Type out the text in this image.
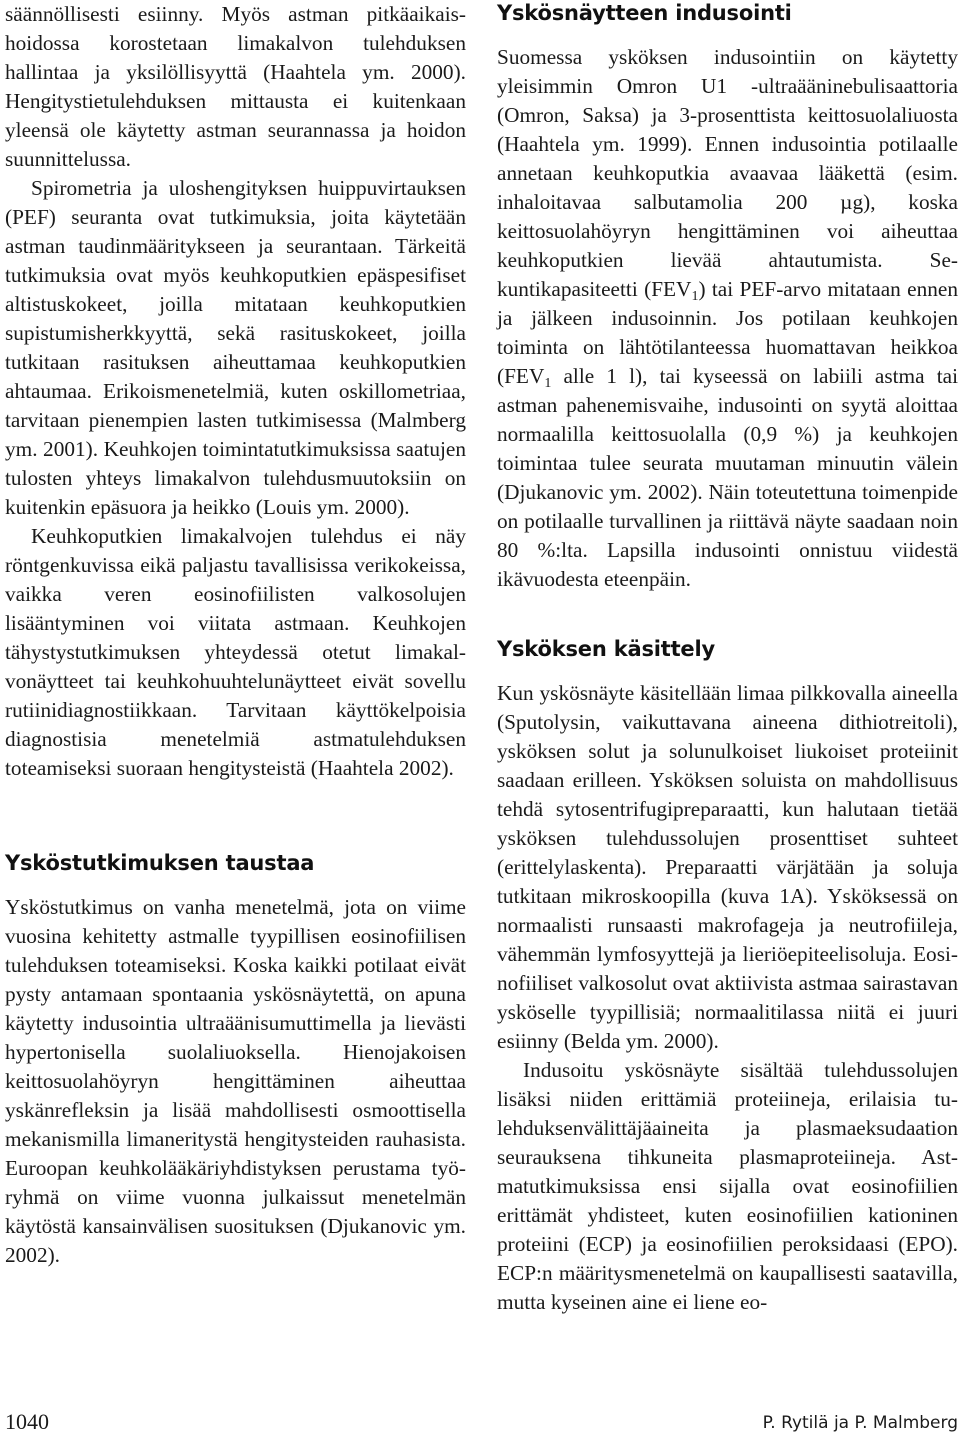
säännöllisesti esiinny. Myös astman pitkäaikaishoidossa korostetaan limakalvon tulehduksen hallintaa ja yksilöllisyyttä (Haahtela ym. 2000). Hengitystietulehduksen mittausta ei kuitenkaan yleensä ole käytetty astman seurannassa ja hoidon suunnittelussa.

Spirometria ja uloshengityksen huippuvirtauksen (PEF) seuranta ovat tutkimuksia, joita käytetään astman taudinmääritykseen ja seurantaan. Tärkeitä tutkimuksia ovat myös keuhkoputkien epäspesifiset altistuskokeet, joilla mitataan keuhkoputkien supistumisherkkyyttä, sekä rasituskokeet, joilla tutkitaan rasituksen aiheuttamaa keuhkoputkien ahtaumaa. Erikoismenetelmiä, kuten oskillometriaa, tarvitaan pienempien lasten tutkimisessa (Malmberg ym. 2001). Keuhkojen toimintatutkimuksissa saatujen tulosten yhteys limakalvon tulehdusmuutoksiin on kuitenkin epäsuora ja heikko (Louis ym. 2000).

Keuhkoputkien limakalvojen tulehdus ei näy röntgenkuvissa eikä paljastu tavallisissa verikokeissa, vaikka veren eosinofiilisten valkosolujen lisääntyminen voi viitata astmaan. Keuhkojen tähystystutkimuksen yhteydessä otetut limakalvonäytteet tai keuhkohuuhtelunäytteet eivät sovellu rutiinidiagnostiikkaan. Tarvitaan käyttökelpoisia diagnostisia menetelmiä astmatulehduksen toteamiseksi suoraan hengitysteistä (Haahtela 2002).

Ysköstutkimuksen taustaa

Ysköstutkimus on vanha menetelmä, jota on viime vuosina kehitetty astmalle tyypillisen eosinofiilisen tulehduksen toteamiseksi. Koska kaikki potilaat eivät pysty antamaan spontaania yskösnäytettä, on apuna käytetty indusointia ultraäänisumuttimella ja lievästi hypertonisella suolaliuoksella. Hienojakoisen keittosuolahöyryn hengittäminen aiheuttaa yskänrefleksin ja lisää mahdollisesti osmoottisella mekanismilla limaneritystä hengitysteiden rauhasista. Euroopan keuhkolääkäriyhdistyksen perustama työryhmä on viime vuonna julkaissut menetelmän käytöstä kansainvälisen suosituksen (Djukanovic ym. 2002).

Yskösnäytteen indusointi

Suomessa ysköksen indusointiin on käytetty yleisimmin Omron U1 -ultraääninebulisaattoria (Omron, Saksa) ja 3-prosenttista keittosuolaliuosta (Haahtela ym. 1999). Ennen indusointia potilaalle annetaan keuhkoputkia avaavaa lääkettä (esim. inhaloitavaa salbutamolia 200 µg), koska keittosuolahöyryn hengittäminen voi aiheuttaa keuhkoputkien lievää ahtautumista. Sekuntikapasiteetti $(FEV_1)$ tai PEF-arvo mitataan ennen ja jälkeen indusoinnin. Jos potilaan keuhkojen toiminta on lähtötilanteessa huomattavan heikkoa ($FEV_1$ alle 1 l), tai kyseessä on labiili astma tai astman pahenemisvaihe, indusointi on syytä aloittaa normaalilla keittosuolalla (0,9 %) ja keuhkojen toimintaa tulee seurata muutaman minuutin välein (Djukanovic ym. 2002). Näin toteutettuna toimenpide on potilaalle turvallinen ja riittävä näyte saadaan noin 80 %:lta. Lapsilla indusointi onnistuu viidestä ikävuodesta eteenpäin.

Ysköksen käsittely

Kun yskösnäyte käsitellään limaa pilkkovalla aineella (Sputolysin, vaikuttavana aineena dithiotreitoli), ysköksen solut ja solunulkoiset liukoiset proteiinit saadaan erilleen. Ysköksen soluista on mahdollisuus tehdä sytosentrifugipreparaatti, kun halutaan tietää ysköksen tulehdussolujen prosenttiset suhteet (erittelylaskenta). Preparaatti värjätään ja soluja tutkitaan mikroskoopilla (kuva 1A). Ysköksessä on normaalisti runsaasti makrofageja ja neutrofiileja, vähemmän lymfosyyttejä ja lieriöepiteelisoluja. Eosinofiiliset valkosolut ovat aktiivista astmaa sairastavan ysköselle tyypillisiä; normaalitilassa niitä ei juuri esiinny (Belda ym. 2000).

Indusoitu yskösnäyte sisältää tulehdussolujen lisäksi niiden erittämiä proteiineja, erilaisia tulehduksenvälittäjäaineita ja plasmaeksudaation seurauksena tihkuneita plasmaproteiineja. Astmatutkimuksissa ensi sijalla ovat eosinofiilien erittämät yhdisteet, kuten eosinofiilien kationinen proteiini (ECP) ja eosinofiilien peroksidaasi (EPO). ECP:n määritysmenetelmä on kaupallisesti saatavilla, mutta kyseinen aine ei liene eo-

1040	P. Rytilä ja P. Malmberg
